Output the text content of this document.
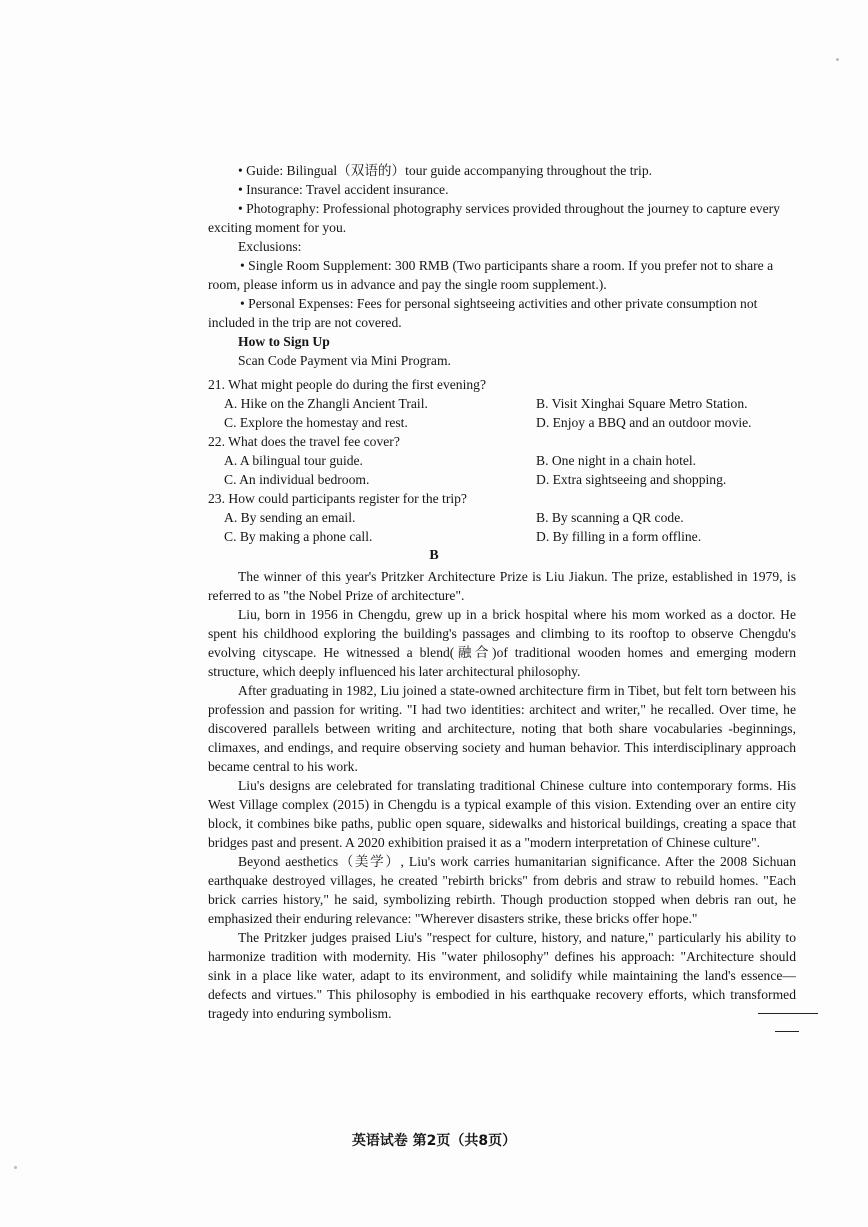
• Guide: Bilingual（双语的）tour guide accompanying throughout the trip.

• Insurance: Travel accident insurance.

• Photography: Professional photography services provided throughout the journey to capture every exciting moment for you.

Exclusions:

• Single Room Supplement: 300 RMB (Two participants share a room. If you prefer not to share a room, please inform us in advance and pay the single room supplement.).

• Personal Expenses: Fees for personal sightseeing activities and other private consumption not included in the trip are not covered.

How to Sign Up

Scan Code Payment via Mini Program.

21. What might people do during the first evening?
A. Hike on the Zhangli Ancient Trail.	B. Visit Xinghai Square Metro Station.
C. Explore the homestay and rest.	D. Enjoy a BBQ and an outdoor movie.
22. What does the travel fee cover?
A. A bilingual tour guide.	B. One night in a chain hotel.
C. An individual bedroom.	D. Extra sightseeing and shopping.
23. How could participants register for the trip?
A. By sending an email.	B. By scanning a QR code.
C. By making a phone call.	D. By filling in a form offline.
B

The winner of this year's Pritzker Architecture Prize is Liu Jiakun. The prize, established in 1979, is referred to as "the Nobel Prize of architecture".

Liu, born in 1956 in Chengdu, grew up in a brick hospital where his mom worked as a doctor. He spent his childhood exploring the building's passages and climbing to its rooftop to observe Chengdu's evolving cityscape. He witnessed a blend(融合)of traditional wooden homes and emerging modern structure, which deeply influenced his later architectural philosophy.

After graduating in 1982, Liu joined a state-owned architecture firm in Tibet, but felt torn between his profession and passion for writing. "I had two identities: architect and writer," he recalled. Over time, he discovered parallels between writing and architecture, noting that both share vocabularies -beginnings, climaxes, and endings, and require observing society and human behavior. This interdisciplinary approach became central to his work.

Liu's designs are celebrated for translating traditional Chinese culture into contemporary forms. His West Village complex (2015) in Chengdu is a typical example of this vision. Extending over an entire city block, it combines bike paths, public open square, sidewalks and historical buildings, creating a space that bridges past and present. A 2020 exhibition praised it as a "modern interpretation of Chinese culture".

Beyond aesthetics（美学）, Liu's work carries humanitarian significance. After the 2008 Sichuan earthquake destroyed villages, he created "rebirth bricks" from debris and straw to rebuild homes. "Each brick carries history," he said, symbolizing rebirth. Though production stopped when debris ran out, he emphasized their enduring relevance: "Wherever disasters strike, these bricks offer hope."

The Pritzker judges praised Liu's "respect for culture, history, and nature," particularly his ability to harmonize tradition with modernity. His "water philosophy" defines his approach: "Architecture should sink in a place like water, adapt to its environment, and solidify while maintaining the land's essence—defects and virtues." This philosophy is embodied in his earthquake recovery efforts, which transformed tragedy into enduring symbolism.

英语试卷 第2页（共8页）
